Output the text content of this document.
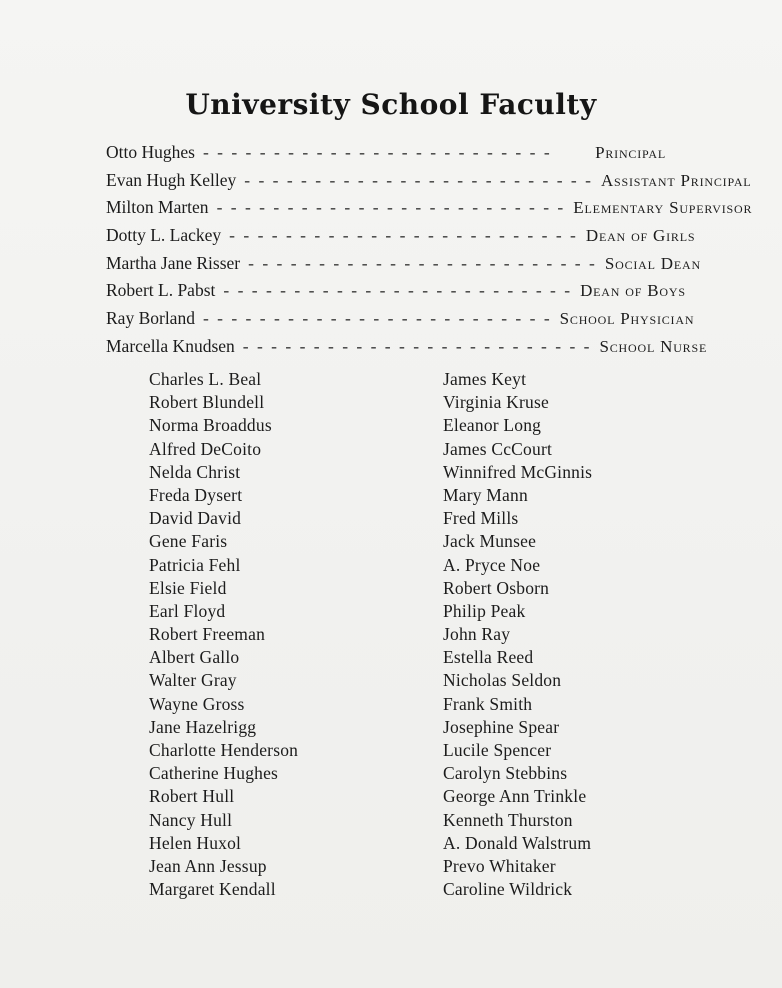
University School Faculty
Otto Hughes - - - - - - - - - - - - - - - - - - - - - - - - -	Principal
Evan Hugh Kelley - - - - - - - - - - - - - - - - - - - - - - - - - Assistant Principal
Milton Marten - - - - - - - - - - - - - - - - - - - - - - - - - Elementary Supervisor
Dotty L. Lackey - - - - - - - - - - - - - - - - - - - - - - - - - Dean of Girls
Martha Jane Risser - - - - - - - - - - - - - - - - - - - - - - - - - Social Dean
Robert L. Pabst - - - - - - - - - - - - - - - - - - - - - - - - - Dean of Boys
Ray Borland - - - - - - - - - - - - - - - - - - - - - - - - - School Physician
Marcella Knudsen - - - - - - - - - - - - - - - - - - - - - - - - - School Nurse
Charles L. Beal
Robert Blundell
Norma Broaddus
Alfred DeCoito
Nelda Christ
Freda Dysert
David David
Gene Faris
Patricia Fehl
Elsie Field
Earl Floyd
Robert Freeman
Albert Gallo
Walter Gray
Wayne Gross
Jane Hazelrigg
Charlotte Henderson
Catherine Hughes
Robert Hull
Nancy Hull
Helen Huxol
Jean Ann Jessup
Margaret Kendall
James Keyt
Virginia Kruse
Eleanor Long
James CcCourt
Winnifred McGinnis
Mary Mann
Fred Mills
Jack Munsee
A. Pryce Noe
Robert Osborn
Philip Peak
John Ray
Estella Reed
Nicholas Seldon
Frank Smith
Josephine Spear
Lucile Spencer
Carolyn Stebbins
George Ann Trinkle
Kenneth Thurston
A. Donald Walstrum
Prevo Whitaker
Caroline Wildrick
